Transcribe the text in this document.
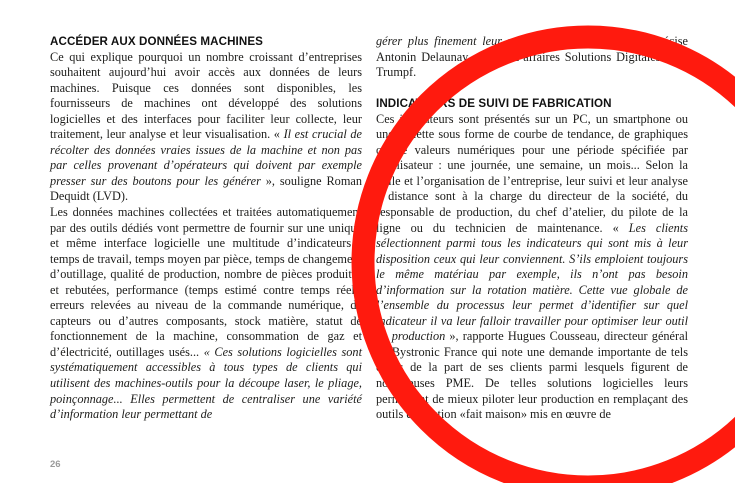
ACCÉDER AUX DONNÉES MACHINES

Ce qui explique pourquoi un nombre croissant d’entreprises souhaitent aujourd’hui avoir accès aux données de leurs machines. Puisque ces données sont disponibles, les fournisseurs de machines ont développé des solutions logicielles et des interfaces pour faciliter leur collecte, leur traitement, leur analyse et leur visualisation. « Il est crucial de récolter des données vraies issues de la machine et non pas par celles provenant d’opérateurs qui doivent par exemple presser sur des boutons pour les générer », souligne Roman Dequidt (LVD).

Les données machines collectées et traitées automatiquement par des outils dédiés vont permettre de fournir sur une unique et même interface logicielle une multitude d’indicateurs : temps de travail, temps moyen par pièce, temps de changement d’outillage, qualité de production, nombre de pièces produites et rebutées, performance (temps estimé contre temps réel), erreurs relevées au niveau de la commande numérique, de capteurs ou d’autres composants, stock matière, statut de fonctionnement de la machine, consommation de gaz et d’électricité, outillages usés... « Ces solutions logicielles sont systématiquement accessibles à tous types de clients qui utilisent des machines-outils pour la découpe laser, le pliage, poinçonnage... Elles permettent de centraliser une variété d’information leur permettant de

gérer plus finement leur production et leur stock », précise Antonin Delaunay, chargé d’affaires Solutions Digitales chez Trumpf.

INDICATEURS DE SUIVI DE FABRICATION

Ces indicateurs sont présentés sur un PC, un smartphone ou une tablette sous forme de courbe de tendance, de graphiques ou de valeurs numériques pour une période spécifiée par l’utilisateur : une journée, une semaine, un mois... Selon la taille et l’organisation de l’entreprise, leur suivi et leur analyse à distance sont à la charge du directeur de la société, du responsable de production, du chef d’atelier, du pilote de la ligne ou du technicien de maintenance. « Les clients sélectionnent parmi tous les indicateurs qui sont mis à leur disposition ceux qui leur conviennent. S’ils emploient toujours le même matériau par exemple, ils n’ont pas besoin d’information sur la rotation matière. Cette vue globale de l’ensemble du processus leur permet d’identifier sur quel indicateur il va leur falloir travailler pour optimiser leur outil de production », rapporte Hugues Cousseau, directeur général de Bystronic France qui note une demande importante de tels outils de la part de ses clients parmi lesquels figurent de nombreuses PME. De telles solutions logicielles leurs permettent de mieux piloter leur production en remplaçant des outils de gestion «fait maison» mis en œuvre de

26
